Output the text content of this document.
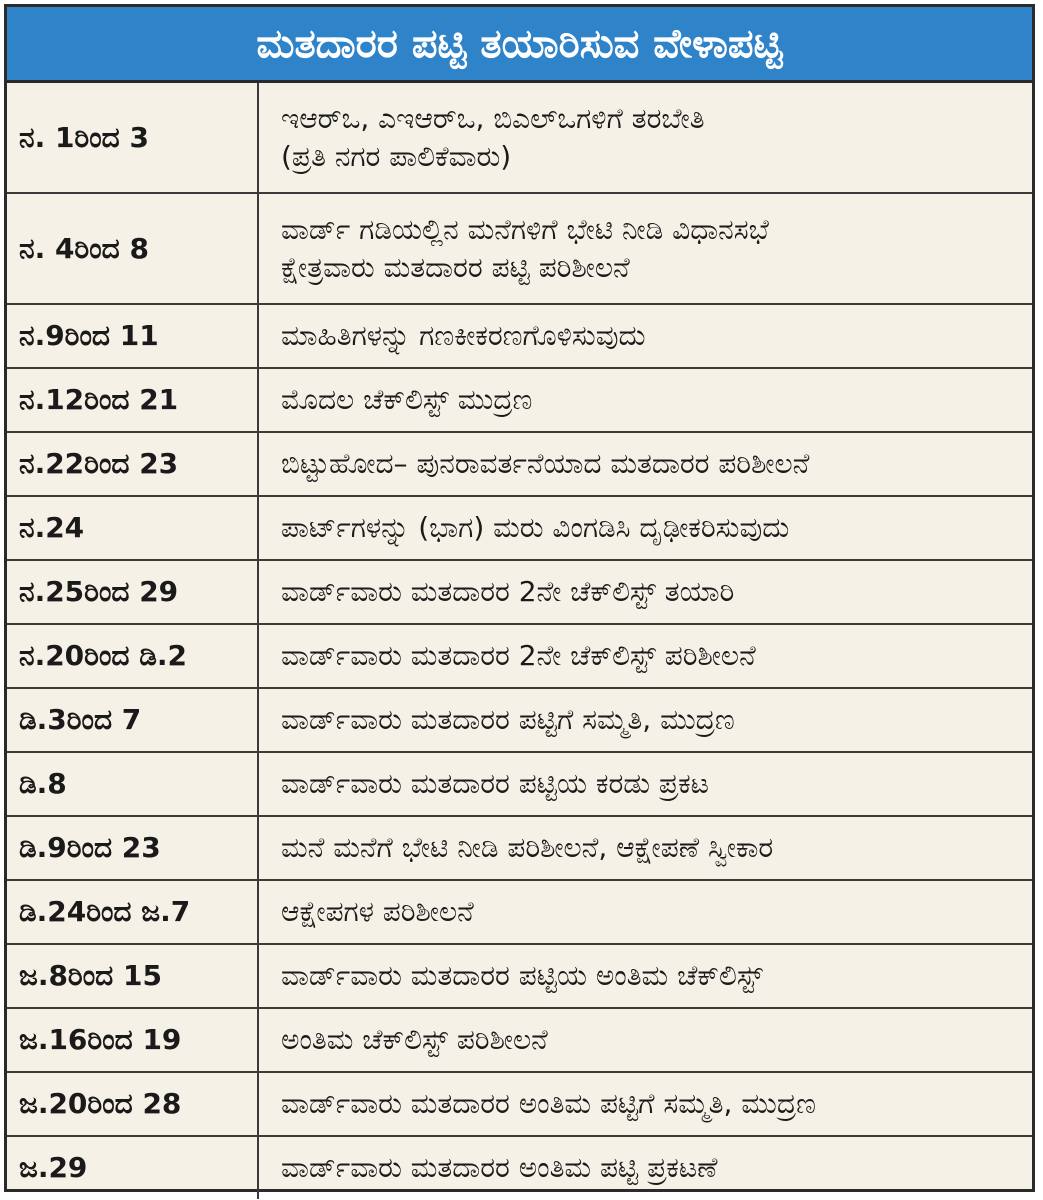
ಮತದಾರರ ಪಟ್ಟಿ ತಯಾರಿಸುವ ವೇಳಾಪಟ್ಟಿ
ನ. 1ರಿಂದ 3	ಇಆರ್‌ಒ, ಎಇಆರ್‌ಒ, ಬಿಎಲ್‌ಒಗಳಿಗೆ ತರಬೇತಿ
(ಪ್ರತಿ ನಗರ ಪಾಲಿಕೆವಾರು)

ನ. 4ರಿಂದ 8	ವಾರ್ಡ್ ಗಡಿಯಲ್ಲಿನ ಮನೆಗಳಿಗೆ ಭೇಟಿ ನೀಡಿ ವಿಧಾನಸಭೆ
ಕ್ಷೇತ್ರವಾರು ಮತದಾರರ ಪಟ್ಟಿ ಪರಿಶೀಲನೆ

ನ.9ರಿಂದ 11	ಮಾಹಿತಿಗಳನ್ನು ಗಣಕೀಕರಣಗೊಳಿಸುವುದು

ನ.12ರಿಂದ 21	ಮೊದಲ ಚೆಕ್‌ಲಿಸ್ಟ್ ಮುದ್ರಣ

ನ.22ರಿಂದ 23	ಬಿಟ್ಟುಹೋದ– ಪುನರಾವರ್ತನೆಯಾದ ಮತದಾರರ ಪರಿಶೀಲನೆ

ನ.24	ಪಾರ್ಟ್‌ಗಳನ್ನು (ಭಾಗ) ಮರು ವಿಂಗಡಿಸಿ ದೃಢೀಕರಿಸುವುದು

ನ.25ರಿಂದ 29	ವಾರ್ಡ್‌ವಾರು ಮತದಾರರ 2ನೇ ಚೆಕ್‌ಲಿಸ್ಟ್ ತಯಾರಿ

ನ.20ರಿಂದ ಡಿ.2	ವಾರ್ಡ್‌ವಾರು ಮತದಾರರ 2ನೇ ಚೆಕ್‌ಲಿಸ್ಟ್ ಪರಿಶೀಲನೆ

ಡಿ.3ರಿಂದ 7	ವಾರ್ಡ್‌ವಾರು ಮತದಾರರ ಪಟ್ಟಿಗೆ ಸಮ್ಮತಿ, ಮುದ್ರಣ

ಡಿ.8	ವಾರ್ಡ್‌ವಾರು ಮತದಾರರ ಪಟ್ಟಿಯ ಕರಡು ಪ್ರಕಟ

ಡಿ.9ರಿಂದ 23	ಮನೆ ಮನೆಗೆ ಭೇಟಿ ನೀಡಿ ಪರಿಶೀಲನೆ, ಆಕ್ಷೇಪಣೆ ಸ್ವೀಕಾರ

ಡಿ.24ರಿಂದ ಜ.7	ಆಕ್ಷೇಪಗಳ ಪರಿಶೀಲನೆ

ಜ.8ರಿಂದ 15	ವಾರ್ಡ್‌ವಾರು ಮತದಾರರ ಪಟ್ಟಿಯ ಅಂತಿಮ ಚೆಕ್‌ಲಿಸ್ಟ್

ಜ.16ರಿಂದ 19	ಅಂತಿಮ ಚೆಕ್‌ಲಿಸ್ಟ್ ಪರಿಶೀಲನೆ

ಜ.20ರಿಂದ 28	ವಾರ್ಡ್‌ವಾರು ಮತದಾರರ ಅಂತಿಮ ಪಟ್ಟಿಗೆ ಸಮ್ಮತಿ, ಮುದ್ರಣ

ಜ.29	ವಾರ್ಡ್‌ವಾರು ಮತದಾರರ ಅಂತಿಮ ಪಟ್ಟಿ ಪ್ರಕಟಣೆ
